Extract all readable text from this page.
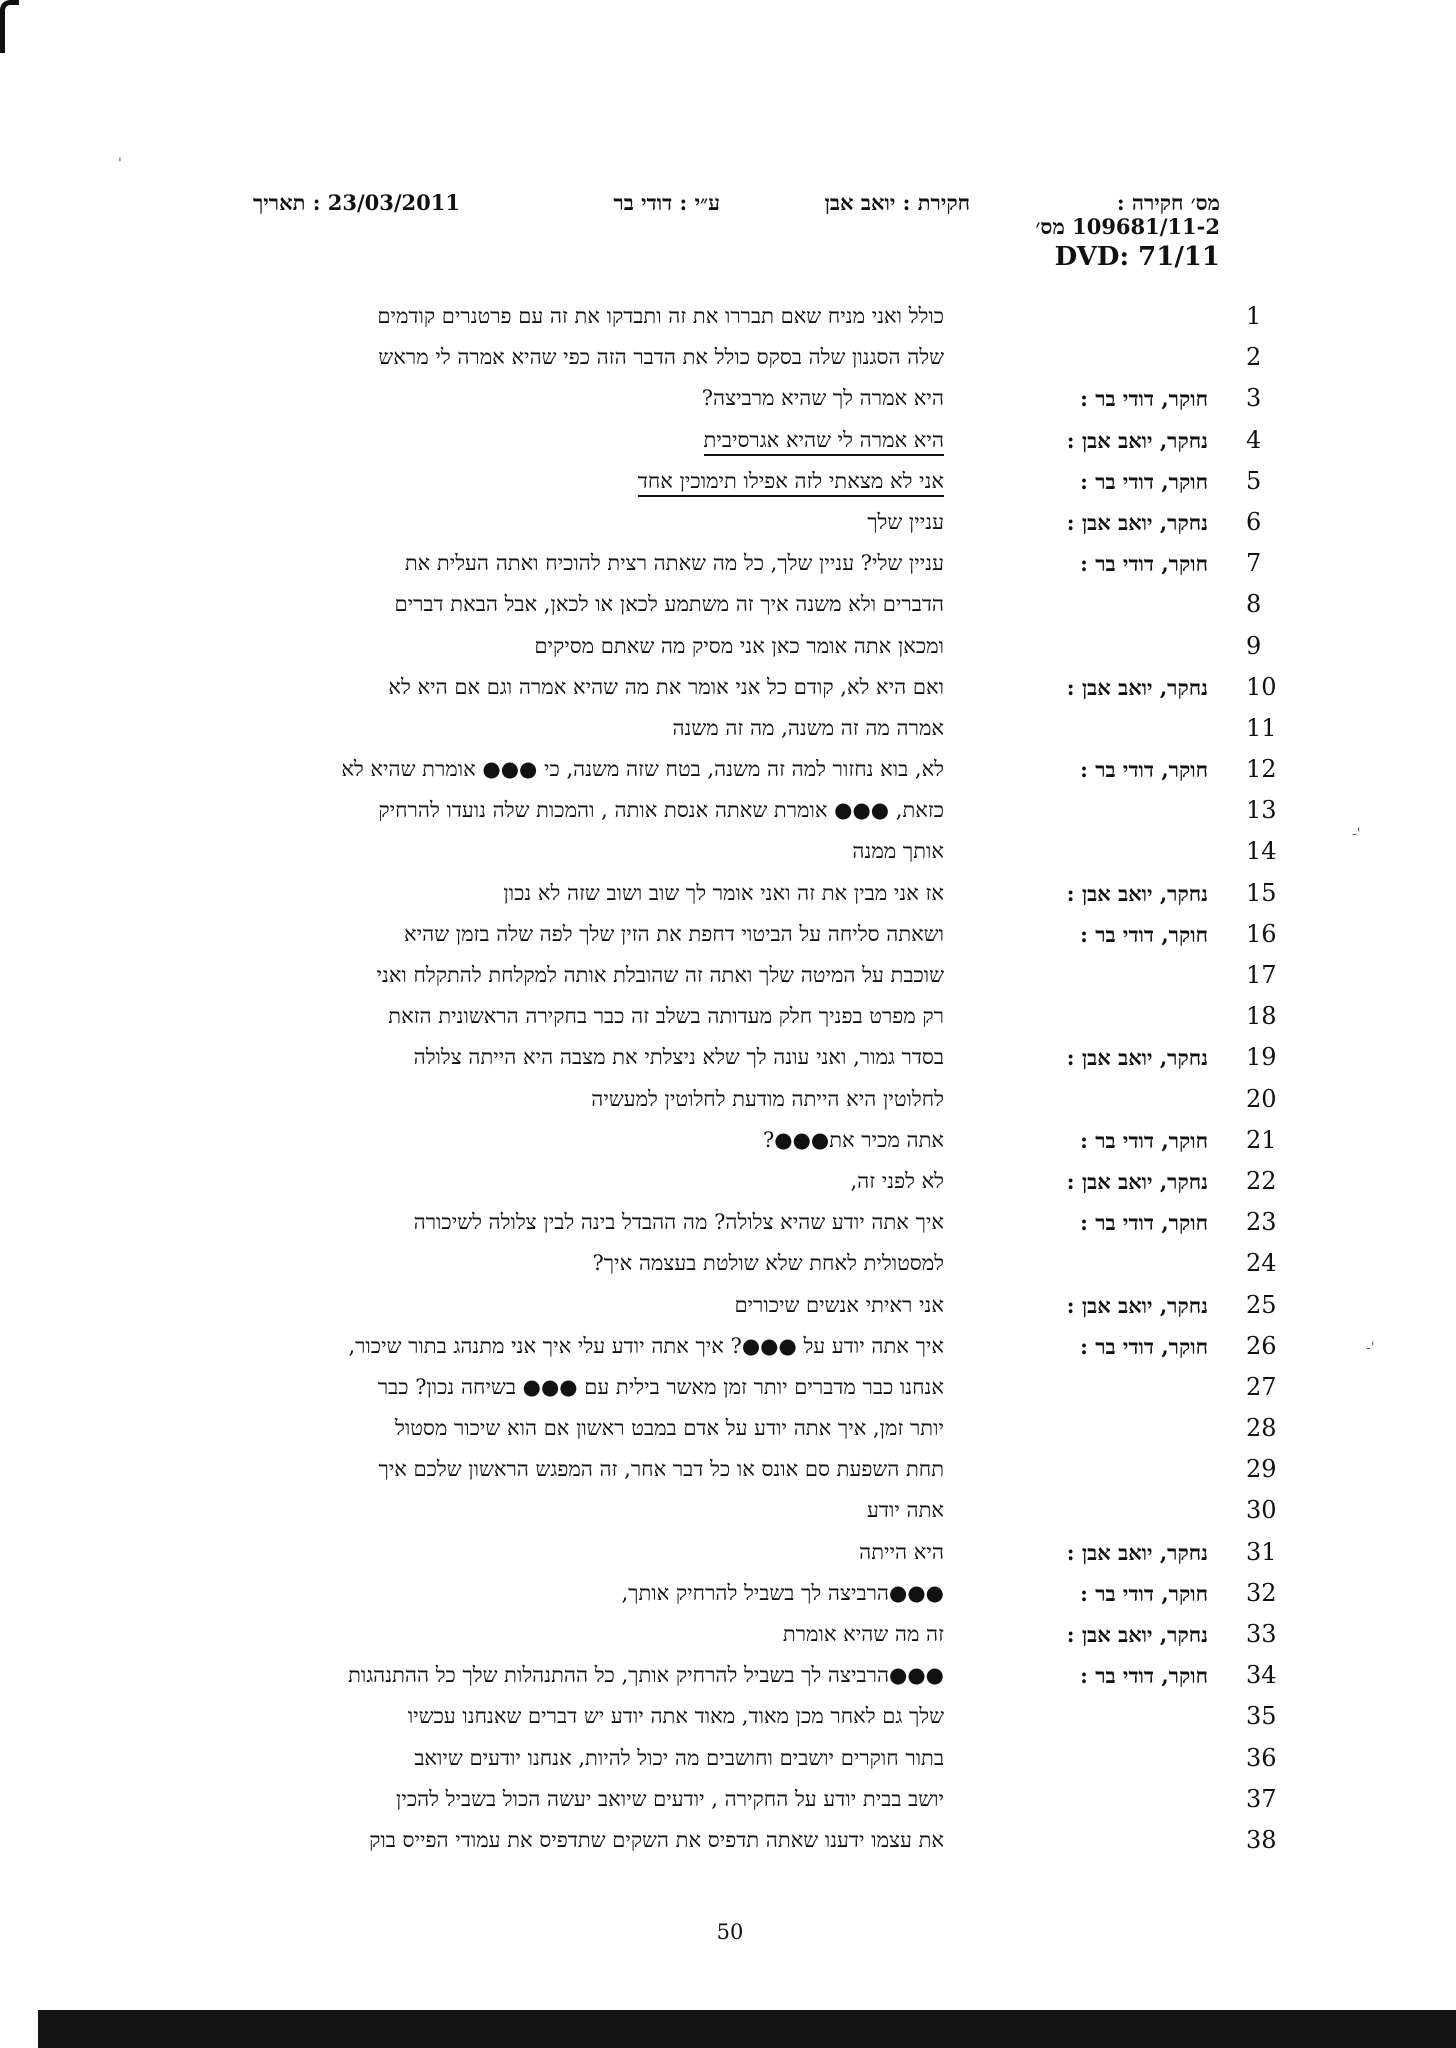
מס׳ חקירה :
109681/11-2 מס׳
DVD: 71/11
חקירת : יואב אבן
ע״י : דודי בר
23/03/2011 : תאריך
1
כולל ואני מניח שאם תבררו את זה ותבדקו את זה עם פרטנרים קודמים
2
שלה הסגנון שלה בסקס כולל את הדבר הזה כפי שהיא אמרה לי מראש
3
חוקר, דודי בר :
היא אמרה לך שהיא מרביצה?
4
נחקר, יואב אבן :
היא אמרה לי שהיא אגרסיבית
5
חוקר, דודי בר :
אני לא מצאתי לזה אפילו תימוכין אחד
6
נחקר, יואב אבן :
עניין שלך
7
חוקר, דודי בר :
עניין שלי? עניין שלך, כל מה שאתה רצית להוכיח ואתה העלית את
8
הדברים ולא משנה איך זה משתמע לכאן או לכאן, אבל הבאת דברים
9
ומכאן אתה אומר כאן אני מסיק מה שאתם מסיקים
10
נחקר, יואב אבן :
ואם היא לא, קודם כל אני אומר את מה שהיא אמרה וגם אם היא לא
11
אמרה מה זה משנה, מה זה משנה
12
חוקר, דודי בר :
לא, בוא נחזור למה זה משנה, בטח שזה משנה, כי ●●● אומרת שהיא לא
13
כזאת, ●●● אומרת שאתה אנסת אותה , והמכות שלה נועדו להרחיק
14
אותך ממנה
15
נחקר, יואב אבן :
אז אני מבין את זה ואני אומר לך שוב ושוב שזה לא נכון
16
חוקר, דודי בר :
ושאתה סליחה על הביטוי דחפת את הזין שלך לפה שלה בזמן שהיא
17
שוכבת על המיטה שלך ואתה זה שהובלת אותה למקלחת להתקלח ואני
18
רק מפרט בפניך חלק מעדותה בשלב זה כבר בחקירה הראשונית הזאת
19
נחקר, יואב אבן :
בסדר גמור, ואני עונה לך שלא ניצלתי את מצבה היא הייתה צלולה
20
לחלוטין היא הייתה מודעת לחלוטין למעשיה
21
חוקר, דודי בר :
אתה מכיר את●●●?
22
נחקר, יואב אבן :
לא לפני זה,
23
חוקר, דודי בר :
איך אתה יודע שהיא צלולה? מה ההבדל בינה לבין צלולה לשיכורה
24
למסטולית לאחת שלא שולטת בעצמה איך?
25
נחקר, יואב אבן :
אני ראיתי אנשים שיכורים
26
חוקר, דודי בר :
איך אתה יודע על ●●●? איך אתה יודע עלי איך אני מתנהג בתור שיכור,
27
אנחנו כבר מדברים יותר זמן מאשר בילית עם ●●● בשיחה נכון? כבר
28
יותר זמן, איך אתה יודע על אדם במבט ראשון אם הוא שיכור מסטול
29
תחת השפעת סם אונס או כל דבר אחר, זה המפגש הראשון שלכם איך
30
אתה יודע
31
נחקר, יואב אבן :
היא הייתה
32
חוקר, דודי בר :
●●●הרביצה לך בשביל להרחיק אותך,
33
נחקר, יואב אבן :
זה מה שהיא אומרת
34
חוקר, דודי בר :
●●●הרביצה לך בשביל להרחיק אותך, כל ההתנהלות שלך כל ההתנהגות
35
שלך גם לאחר מכן מאוד, מאוד אתה יודע יש דברים שאנחנו עכשיו
36
בתור חוקרים יושבים וחושבים מה יכול להיות, אנחנו יודעים שיואב
37
יושב בבית יודע על החקירה , יודעים שיואב יעשה הכול בשביל להכין
38
את עצמו ידענו שאתה תדפיס את השקים שתדפיס את עמודי הפייס בוק
50
'
-'
-'
